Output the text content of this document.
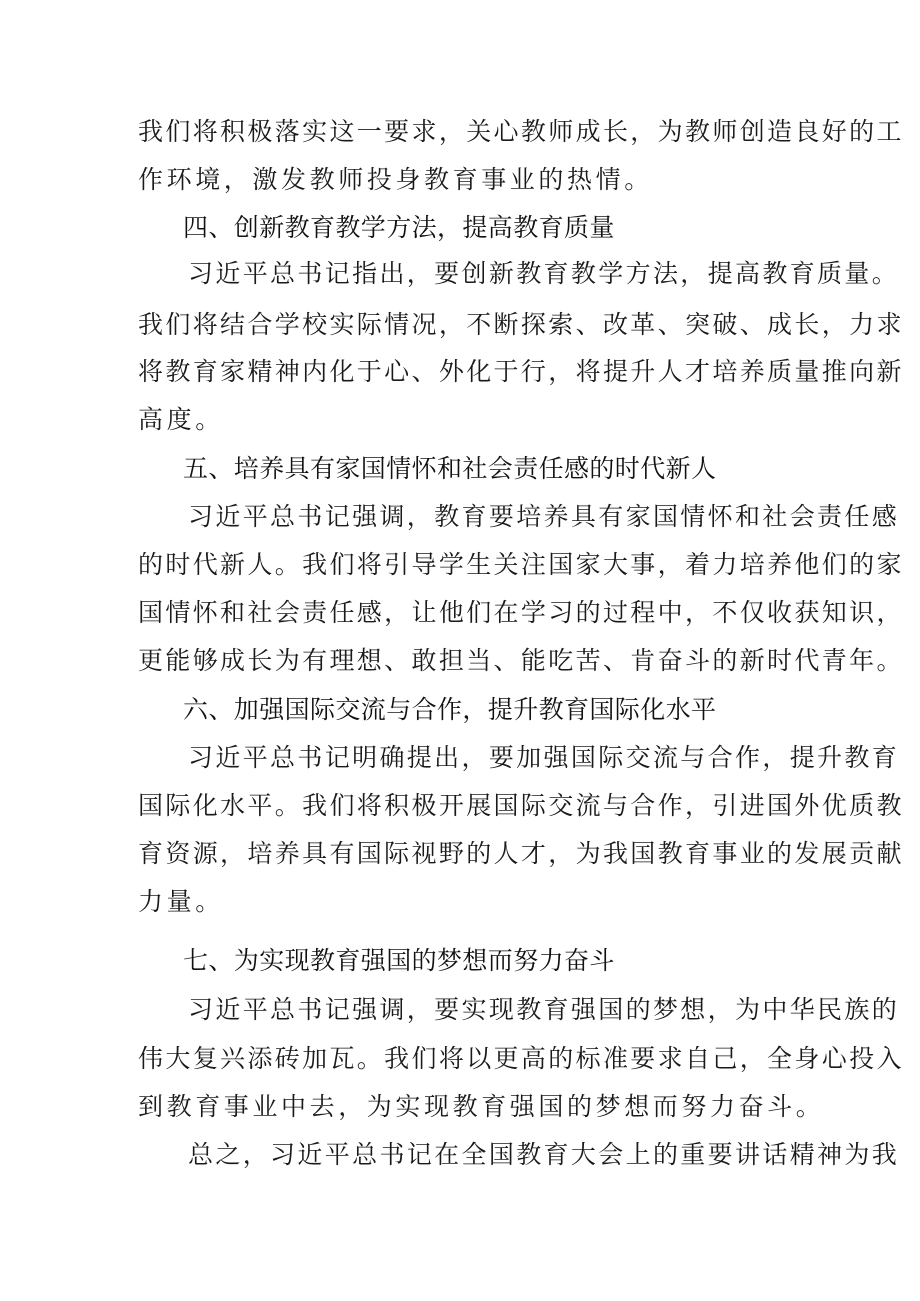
我们将积极落实这一要求，关心教师成长，为教师创造良好的工
作环境，激发教师投身教育事业的热情。
四、创新教育教学方法，提高教育质量
习近平总书记指出，要创新教育教学方法，提高教育质量。
我们将结合学校实际情况，不断探索、改革、突破、成长，力求
将教育家精神内化于心、外化于行，将提升人才培养质量推向新
高度。
五、培养具有家国情怀和社会责任感的时代新人
习近平总书记强调，教育要培养具有家国情怀和社会责任感
的时代新人。我们将引导学生关注国家大事，着力培养他们的家
国情怀和社会责任感，让他们在学习的过程中，不仅收获知识，
更能够成长为有理想、敢担当、能吃苦、肯奋斗的新时代青年。
六、加强国际交流与合作，提升教育国际化水平
习近平总书记明确提出，要加强国际交流与合作，提升教育
国际化水平。我们将积极开展国际交流与合作，引进国外优质教
育资源，培养具有国际视野的人才，为我国教育事业的发展贡献
力量。
七、为实现教育强国的梦想而努力奋斗
习近平总书记强调，要实现教育强国的梦想，为中华民族的
伟大复兴添砖加瓦。我们将以更高的标准要求自己，全身心投入
到教育事业中去，为实现教育强国的梦想而努力奋斗。
总之，习近平总书记在全国教育大会上的重要讲话精神为我
